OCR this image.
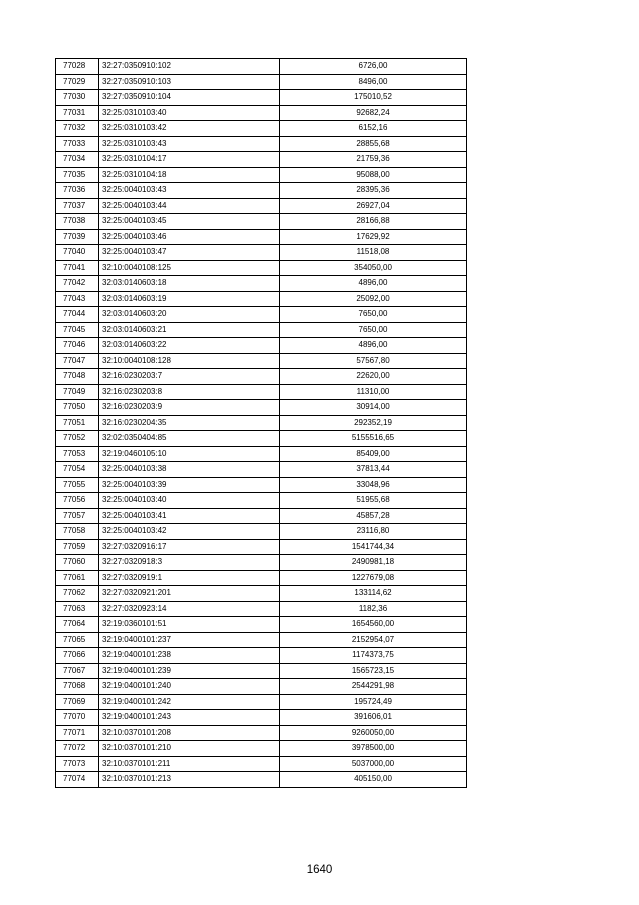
77028	32:27:0350910:102	6726,00
77029	32:27:0350910:103	8496,00
77030	32:27:0350910:104	175010,52
77031	32:25:0310103:40	92682,24
77032	32:25:0310103:42	6152,16
77033	32:25:0310103:43	28855,68
77034	32:25:0310104:17	21759,36
77035	32:25:0310104:18	95088,00
77036	32:25:0040103:43	28395,36
77037	32:25:0040103:44	26927,04
77038	32:25:0040103:45	28166,88
77039	32:25:0040103:46	17629,92
77040	32:25:0040103:47	11518,08
77041	32:10:0040108:125	354050,00
77042	32:03:0140603:18	4896,00
77043	32:03:0140603:19	25092,00
77044	32:03:0140603:20	7650,00
77045	32:03:0140603:21	7650,00
77046	32:03:0140603:22	4896,00
77047	32:10:0040108:128	57567,80
77048	32:16:0230203:7	22620,00
77049	32:16:0230203:8	11310,00
77050	32:16:0230203:9	30914,00
77051	32:16:0230204:35	292352,19
77052	32:02:0350404:85	5155516,65
77053	32:19:0460105:10	85409,00
77054	32:25:0040103:38	37813,44
77055	32:25:0040103:39	33048,96
77056	32:25:0040103:40	51955,68
77057	32:25:0040103:41	45857,28
77058	32:25:0040103:42	23116,80
77059	32:27:0320916:17	1541744,34
77060	32:27:0320918:3	2490981,18
77061	32:27:0320919:1	1227679,08
77062	32:27:0320921:201	133114,62
77063	32:27:0320923:14	1182,36
77064	32:19:0360101:51	1654560,00
77065	32:19:0400101:237	2152954,07
77066	32:19:0400101:238	1174373,75
77067	32:19:0400101:239	1565723,15
77068	32:19:0400101:240	2544291,98
77069	32:19:0400101:242	195724,49
77070	32:19:0400101:243	391606,01
77071	32:10:0370101:208	9260050,00
77072	32:10:0370101:210	3978500,00
77073	32:10:0370101:211	5037000,00
77074	32:10:0370101:213	405150,00
1640
